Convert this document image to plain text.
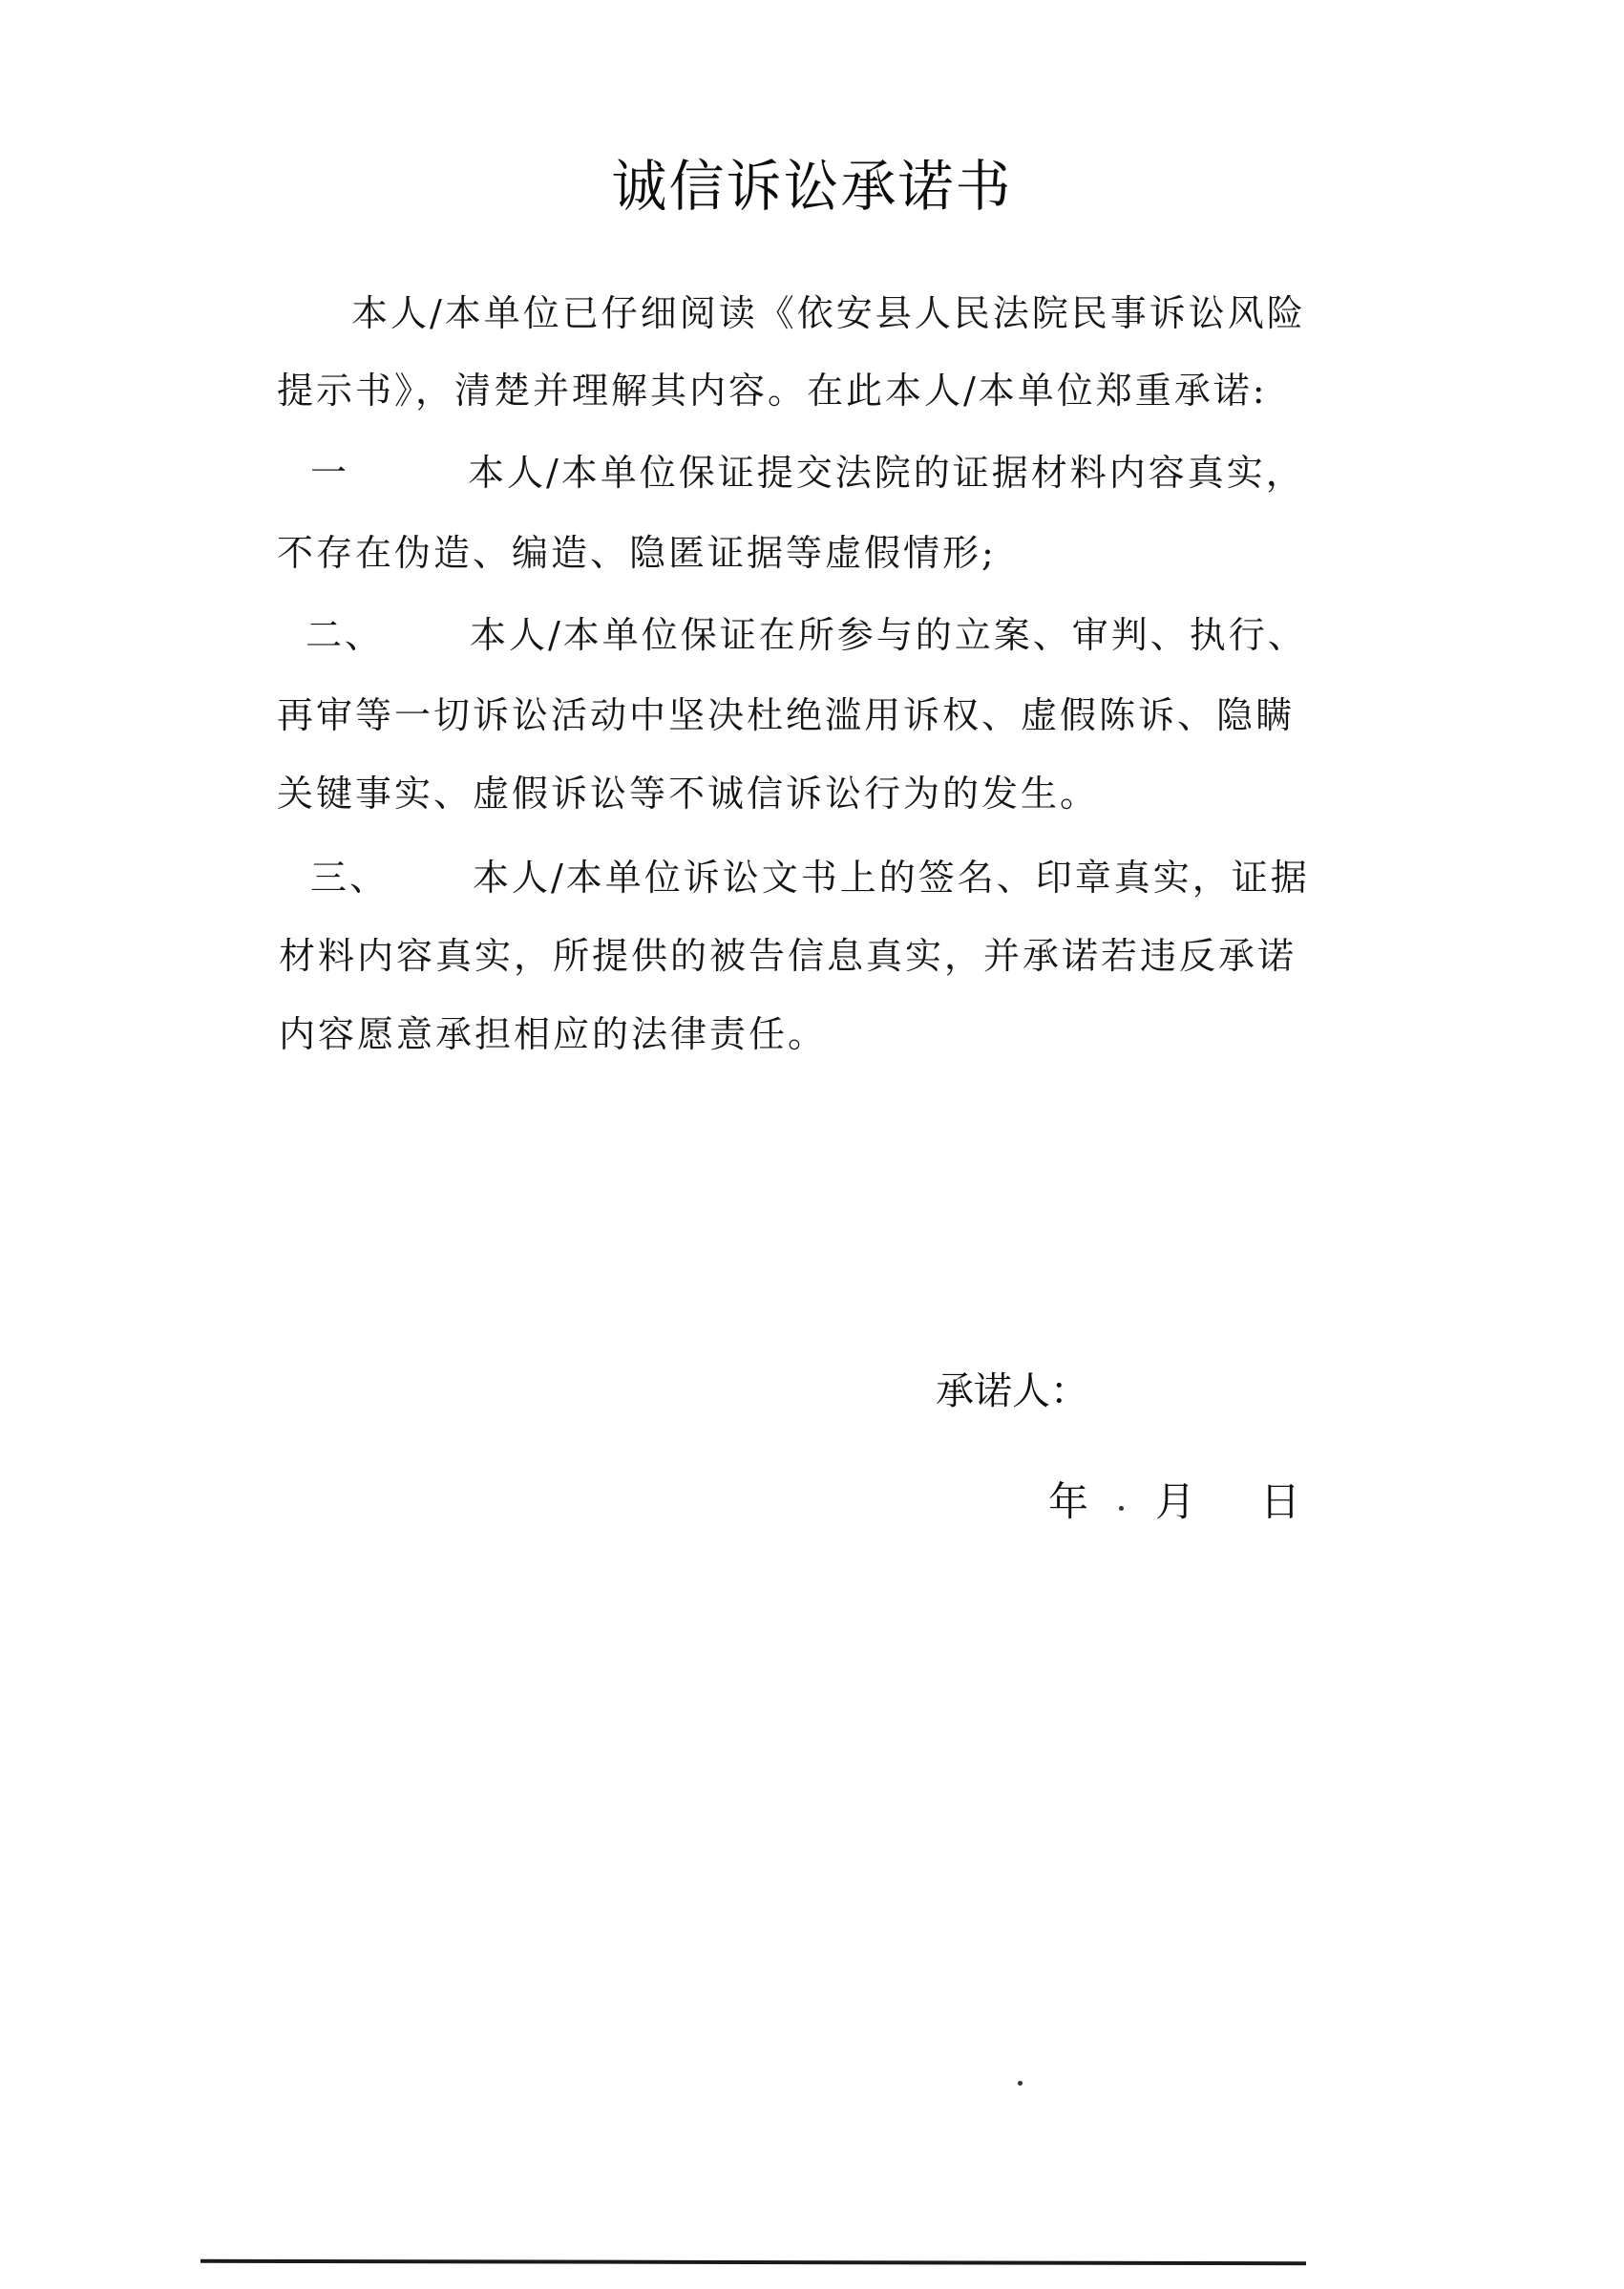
诚信诉讼承诺书
本人/本单位已仔细阅读《依安县人民法院民事诉讼风险
提示书》，清楚并理解其内容。在此本人/本单位郑重承诺:
一	本人/本单位保证提交法院的证据材料内容真实，
不存在伪造、编造、隐匿证据等虚假情形;
二、 本人/本单位保证在所参与的立案、审判、执行、
再审等一切诉讼活动中坚决杜绝滥用诉权、虚假陈诉、隐瞒
关键事实、虚假诉讼等不诚信诉讼行为的发生。
三、 本人/本单位诉讼文书上的签名、印章真实，证据
材料内容真实，所提供的被告信息真实，并承诺若违反承诺
内容愿意承担相应的法律责任。
承诺人：
年 月 日
